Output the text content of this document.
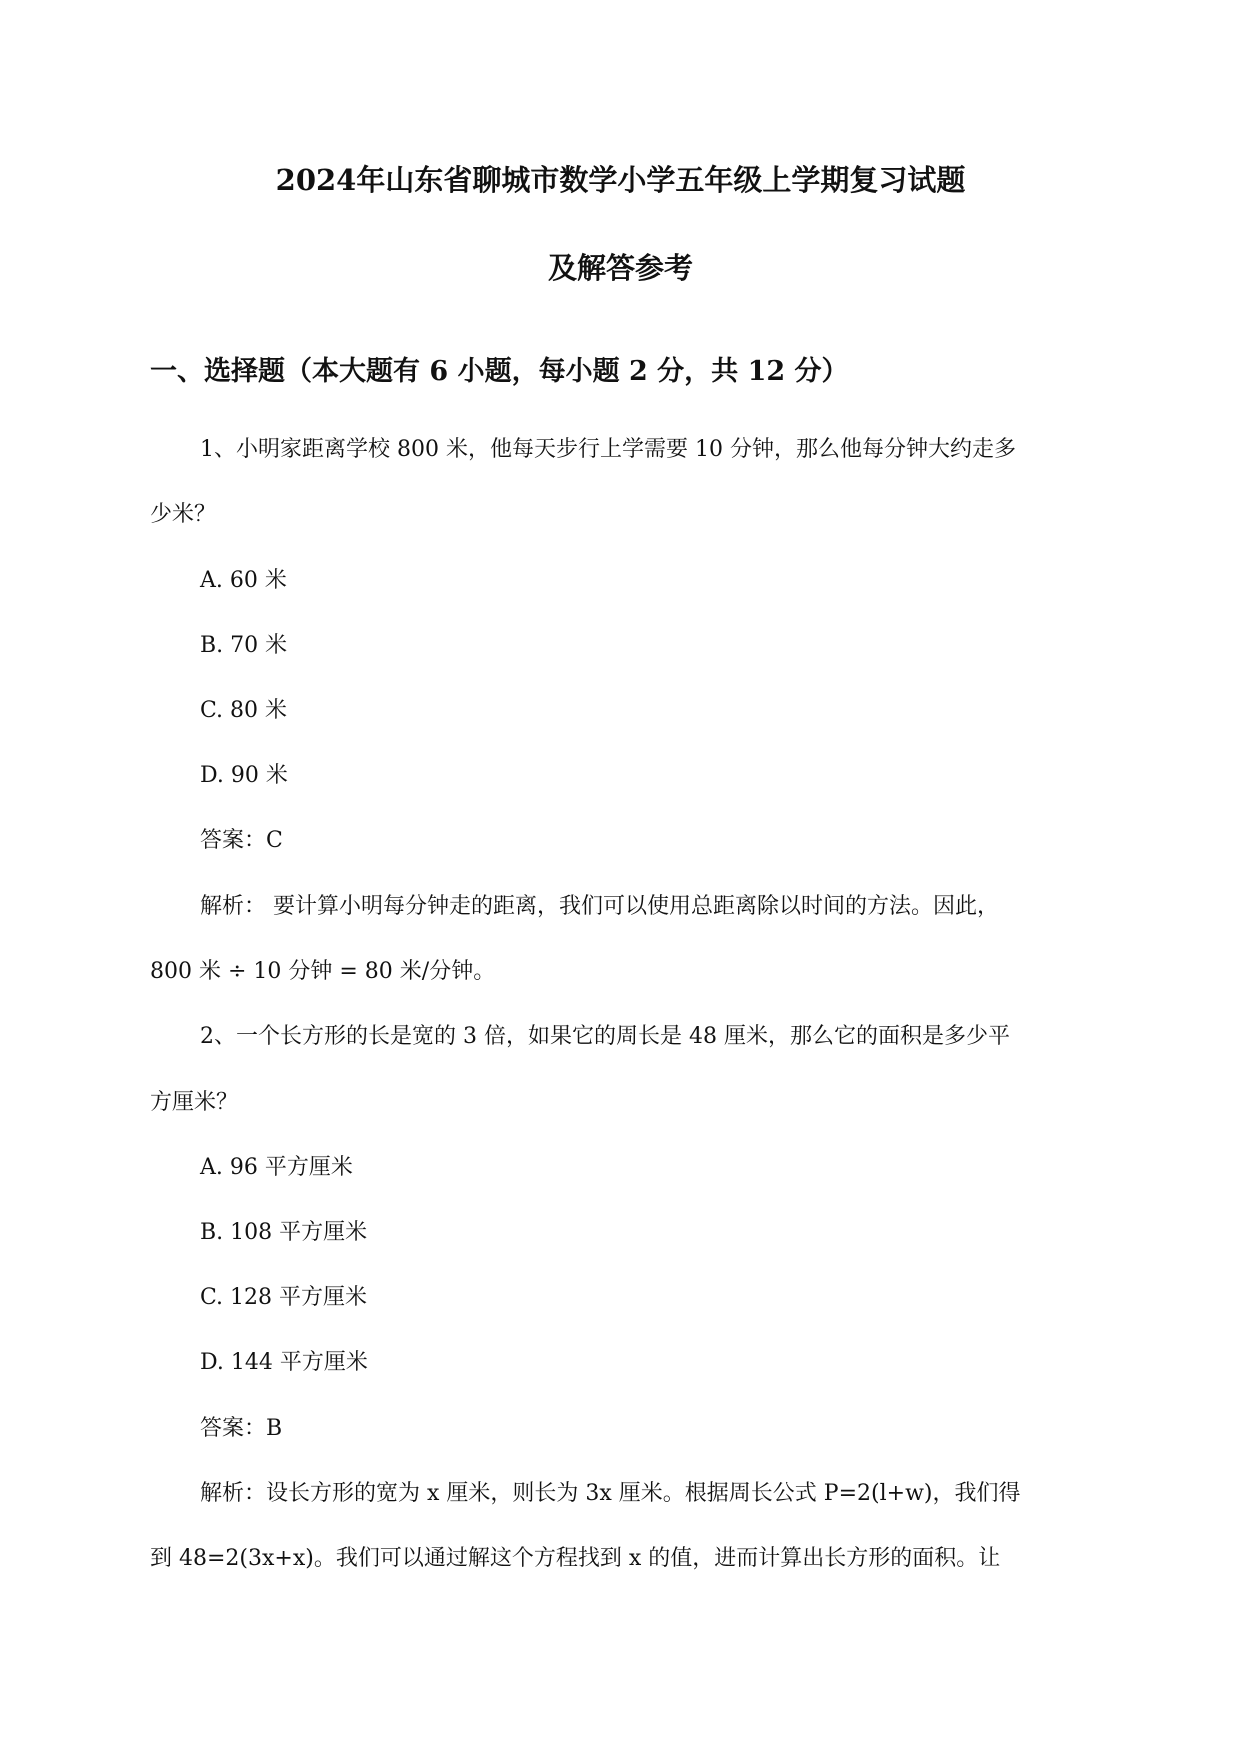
2024年山东省聊城市数学小学五年级上学期复习试题
及解答参考
一、选择题（本大题有 6 小题，每小题 2 分，共 12 分）

1、小明家距离学校 800 米，他每天步行上学需要 10 分钟，那么他每分钟大约走多

少米？

A. 60 米

B. 70 米

C. 80 米

D. 90 米

答案：C

解析： 要计算小明每分钟走的距离，我们可以使用总距离除以时间的方法。因此，

800 米 ÷ 10 分钟 = 80 米/分钟。

2、一个长方形的长是宽的 3 倍，如果它的周长是 48 厘米，那么它的面积是多少平

方厘米？

A. 96 平方厘米

B. 108 平方厘米

C. 128 平方厘米

D. 144 平方厘米

答案：B

解析：设长方形的宽为 x 厘米，则长为 3x 厘米。根据周长公式 P=2(l+w)，我们得

到 48=2(3x+x)。我们可以通过解这个方程找到 x 的值，进而计算出长方形的面积。让
